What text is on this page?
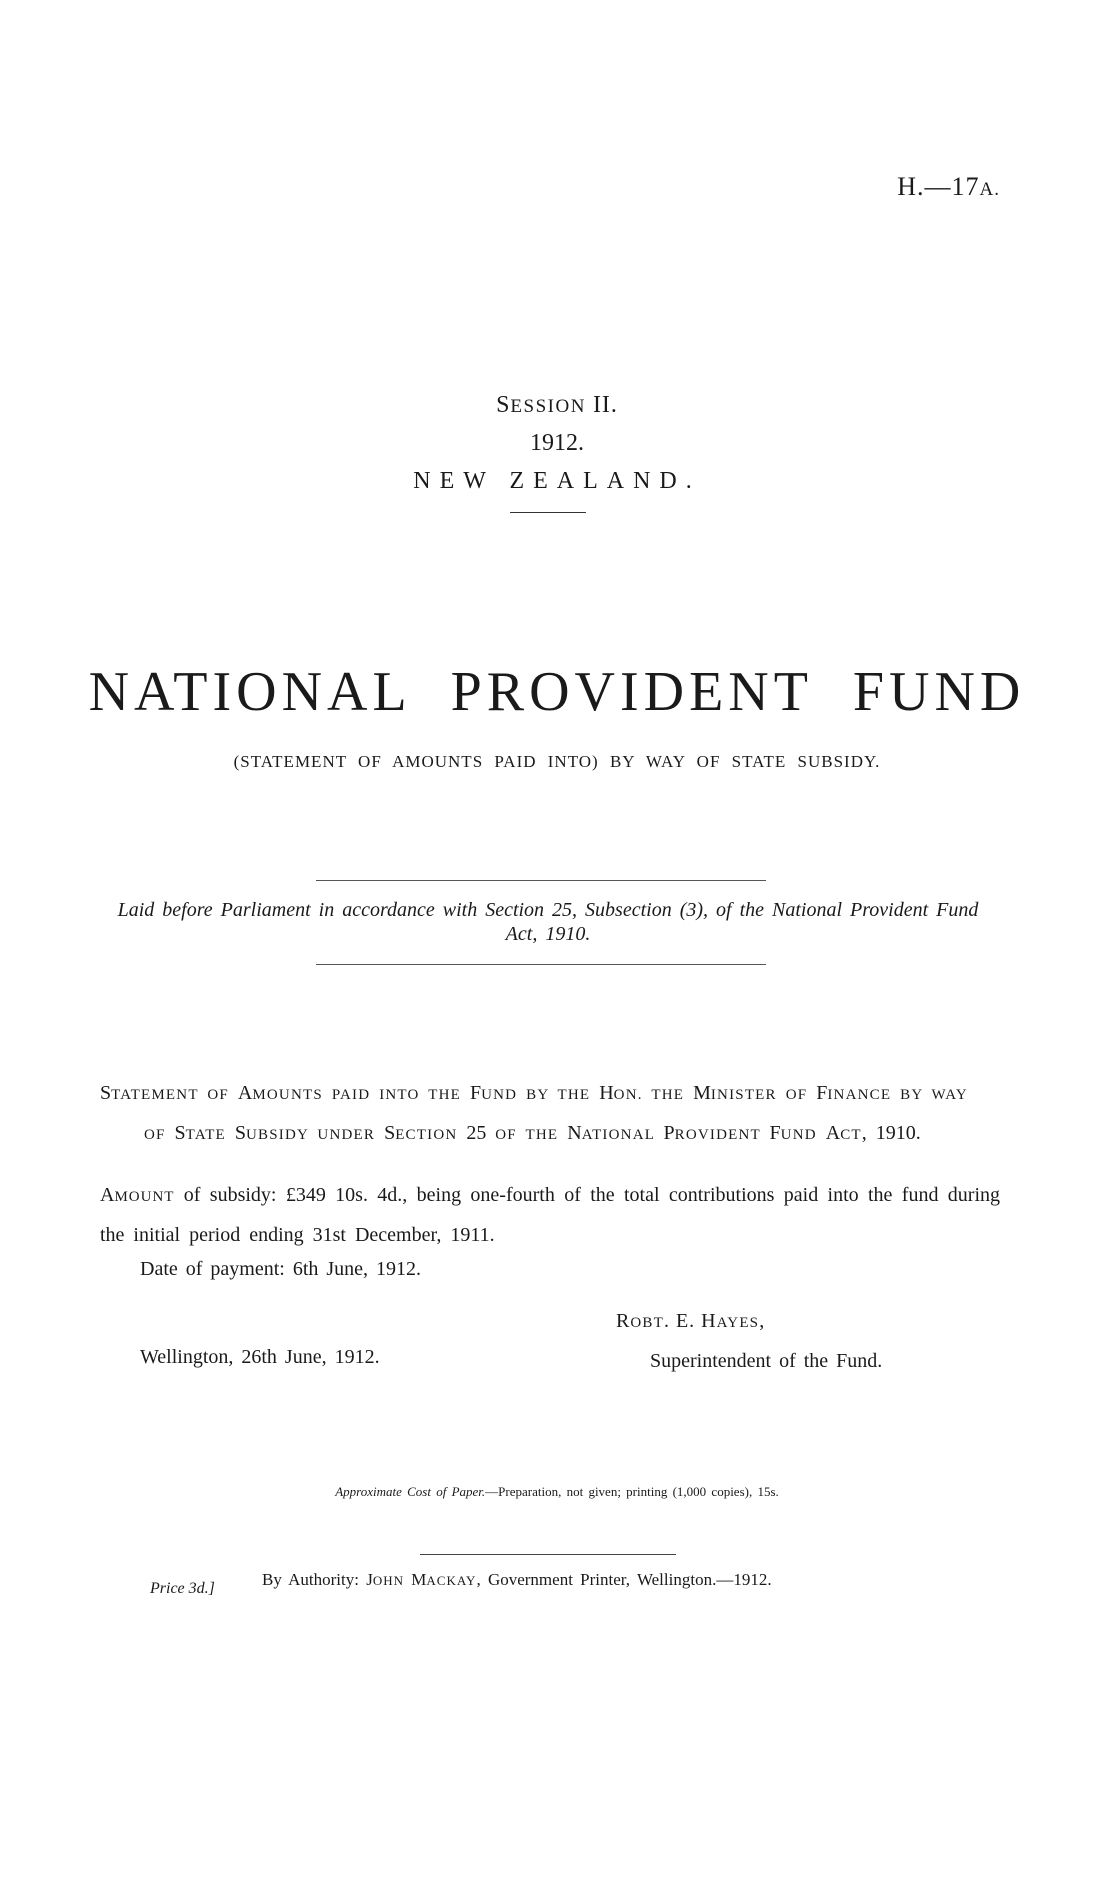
H.—17A.
SESSION II.
1912.
NEW ZEALAND.
NATIONAL PROVIDENT FUND
(STATEMENT OF AMOUNTS PAID INTO) BY WAY OF STATE SUBSIDY.
Laid before Parliament in accordance with Section 25, Subsection (3), of the National Provident Fund Act, 1910.
STATEMENT OF AMOUNTS PAID INTO THE FUND BY THE HON. THE MINISTER OF FINANCE BY WAY
OF STATE SUBSIDY UNDER SECTION 25 OF THE NATIONAL PROVIDENT FUND ACT, 1910.
AMOUNT of subsidy: £349 10s. 4d., being one-fourth of the total contributions paid into the fund during the initial period ending 31st December, 1911.
Date of payment: 6th June, 1912.
ROBT. E. HAYES,
Wellington, 26th June, 1912.	Superintendent of the Fund.
Approximate Cost of Paper.—Preparation, not given; printing (1,000 copies), 15s.
Price 3d.]	By Authority: JOHN MACKAY, Government Printer, Wellington.—1912.
